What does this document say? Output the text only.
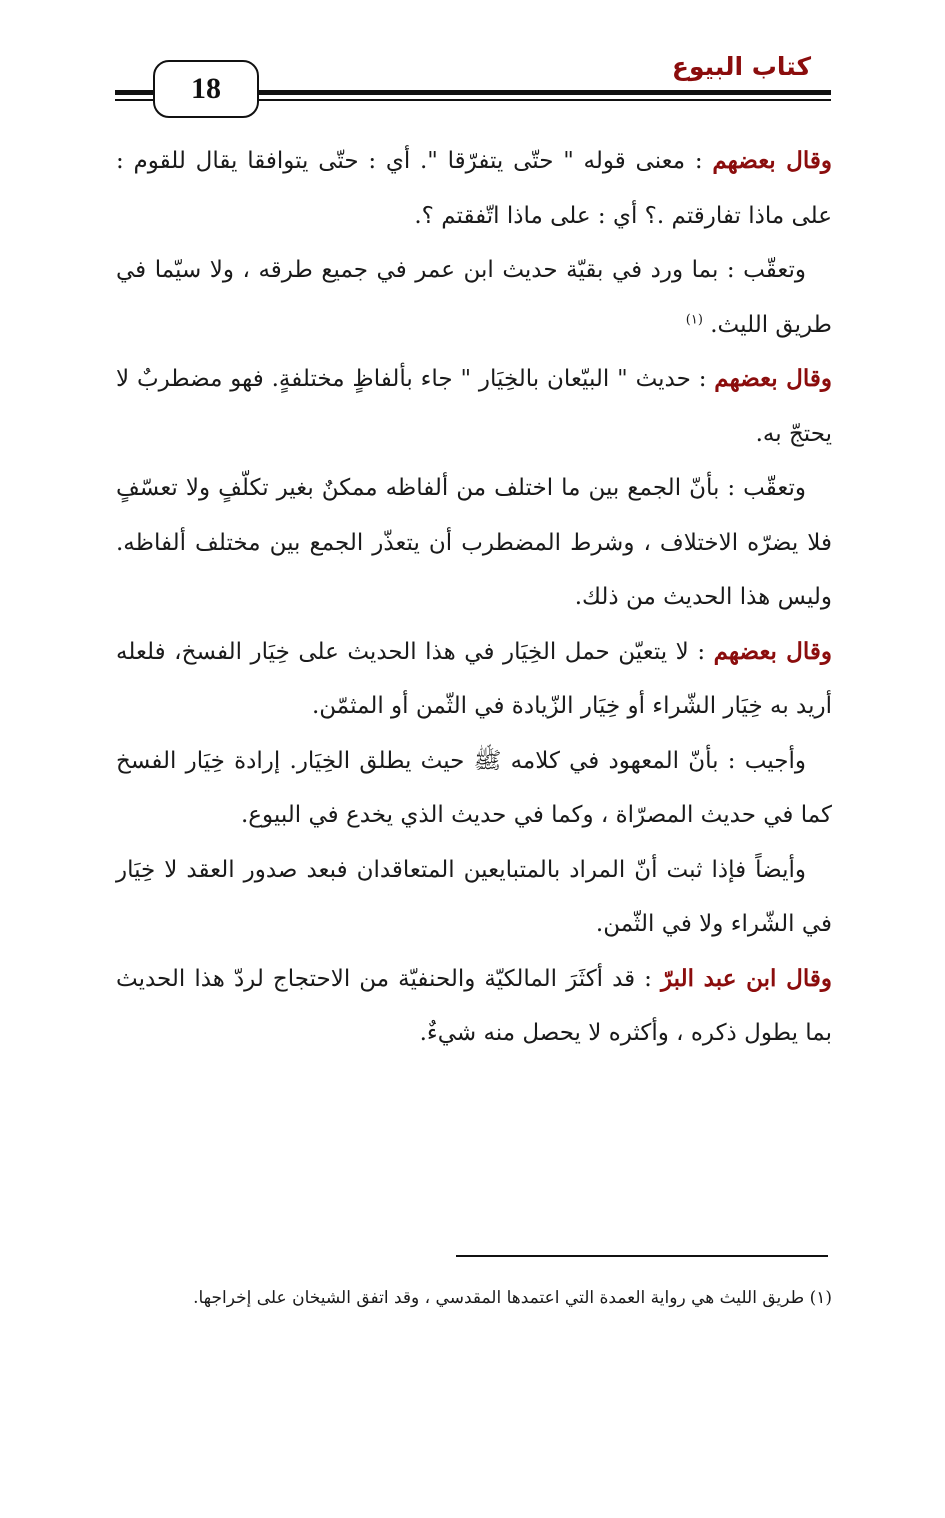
18
كتاب البيوع

وقال بعضهم : معنى قوله " حتّى يتفرّقا ". أي : حتّى يتوافقا يقال للقوم : على ماذا تفارقتم .؟ أي : على ماذا اتّفقتم ؟.

وتعقّب : بما ورد في بقيّة حديث ابن عمر في جميع طرقه ، ولا سيّما في طريق الليث. $^{(١)}$

وقال بعضهم : حديث " البيّعان بالخِيَار " جاء بألفاظٍ مختلفةٍ. فهو مضطربٌ لا يحتجّ به.

وتعقّب : بأنّ الجمع بين ما اختلف من ألفاظه ممكنٌ بغير تكلّفٍ ولا تعسّفٍ فلا يضرّه الاختلاف ، وشرط المضطرب أن يتعذّر الجمع بين مختلف ألفاظه. وليس هذا الحديث من ذلك.

وقال بعضهم : لا يتعيّن حمل الخِيَار في هذا الحديث على خِيَار الفسخ، فلعله أريد به خِيَار الشّراء أو خِيَار الزّيادة في الثّمن أو المثمّن.

وأجيب : بأنّ المعهود في كلامه ﷺ حيث يطلق الخِيَار. إرادة خِيَار الفسخ كما في حديث المصرّاة ، وكما في حديث الذي يخدع في البيوع.

وأيضاً فإذا ثبت أنّ المراد بالمتبايعين المتعاقدان فبعد صدور العقد لا خِيَار في الشّراء ولا في الثّمن.

وقال ابن عبد البرّ : قد أكثَرَ المالكيّة والحنفيّة من الاحتجاج لردّ هذا الحديث بما يطول ذكره ، وأكثره لا يحصل منه شيءٌ.

(١) طريق الليث هي رواية العمدة التي اعتمدها المقدسي ، وقد اتفق الشيخان على إخراجها.
